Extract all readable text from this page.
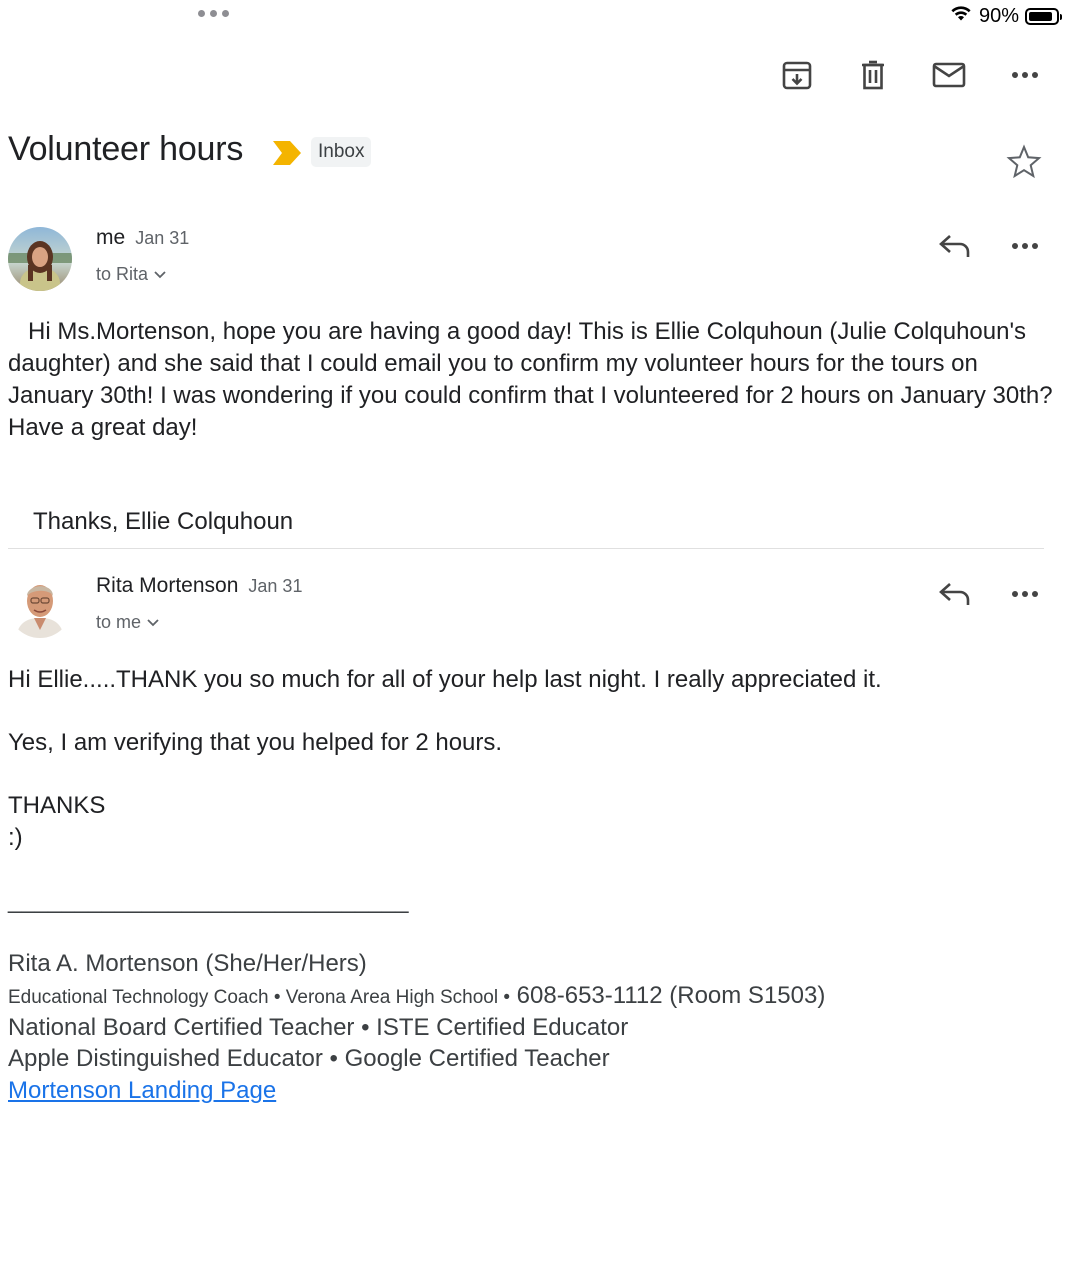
90%
Volunteer hours	Inbox
me Jan 31
to Rita
Hi Ms.Mortenson, hope you are having a good day! This is Ellie Colquhoun (Julie Colquhoun's daughter) and she said that I could email you to confirm my volunteer hours for the tours on January 30th! I was wondering if you could confirm that I volunteered for 2 hours on January 30th? Have a great day!
Thanks, Ellie Colquhoun
Rita Mortenson Jan 31
to me
Hi Ellie.....THANK you so much for all of your help last night. I really appreciated it.
Yes, I am verifying that you helped for 2 hours.
THANKS
:)
______________________________
Rita A. Mortenson (She/Her/Hers)
Educational Technology Coach • Verona Area High School • 608-653-1112 (Room S1503)
National Board Certified Teacher • ISTE Certified Educator
Apple Distinguished Educator • Google Certified Teacher
Mortenson Landing Page
